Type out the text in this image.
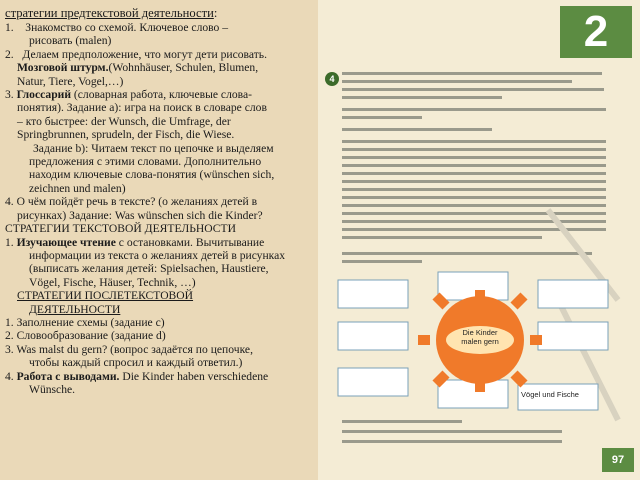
стратегии предтекстовой деятельности:

1. Знакомство со схемой. Ключевое слово –

рисовать (malen)

2. Делаем предположение, что могут дети рисовать.

Мозговой штурм.(Wohnhäuser, Schulen, Blumen,

Natur, Tiere, Vogel,…)

3. Глоссарий (словарная работа, ключевые слова-

понятия). Задание а): игра на поиск в словаре слов

– кто быстрее: der Wunsch, die Umfrage, der

Springbrunnen, sprudeln, der Fisch, die Wiese.

Задание b): Читаем текст по цепочке и выделяем

предложения с этими словами. Дополнительно

находим ключевые слова-понятия (wünschen sich,

zeichnen und malen)

4. О чём пойдёт речь в тексте? (о желаниях детей в

рисунках) Задание: Was wünschen sich die Kinder?

СТРАТЕГИИ ТЕКСТОВОЙ ДЕЯТЕЛЬНОСТИ

1. Изучающее чтение с остановками. Вычитывание

информации из текста о желаниях детей в рисунках

(выписать желания детей: Spielsachen, Haustiere,

Vögel, Fische, Häuser, Technik, …)

СТРАТЕГИИ ПОСЛЕТЕКСТОВОЙ

ДЕЯТЕЛЬНОСТИ

1. Заполнение схемы (задание с)

2. Словообразование (задание d)

3. Was malst du gern? (вопрос задаётся по цепочке,

чтобы каждый спросил и каждый ответил.)

4. Работа с выводами. Die Kinder haben verschiedene

Wünsche.

2
4
Die Kinder
malen gern
Vögel und Fische
97
